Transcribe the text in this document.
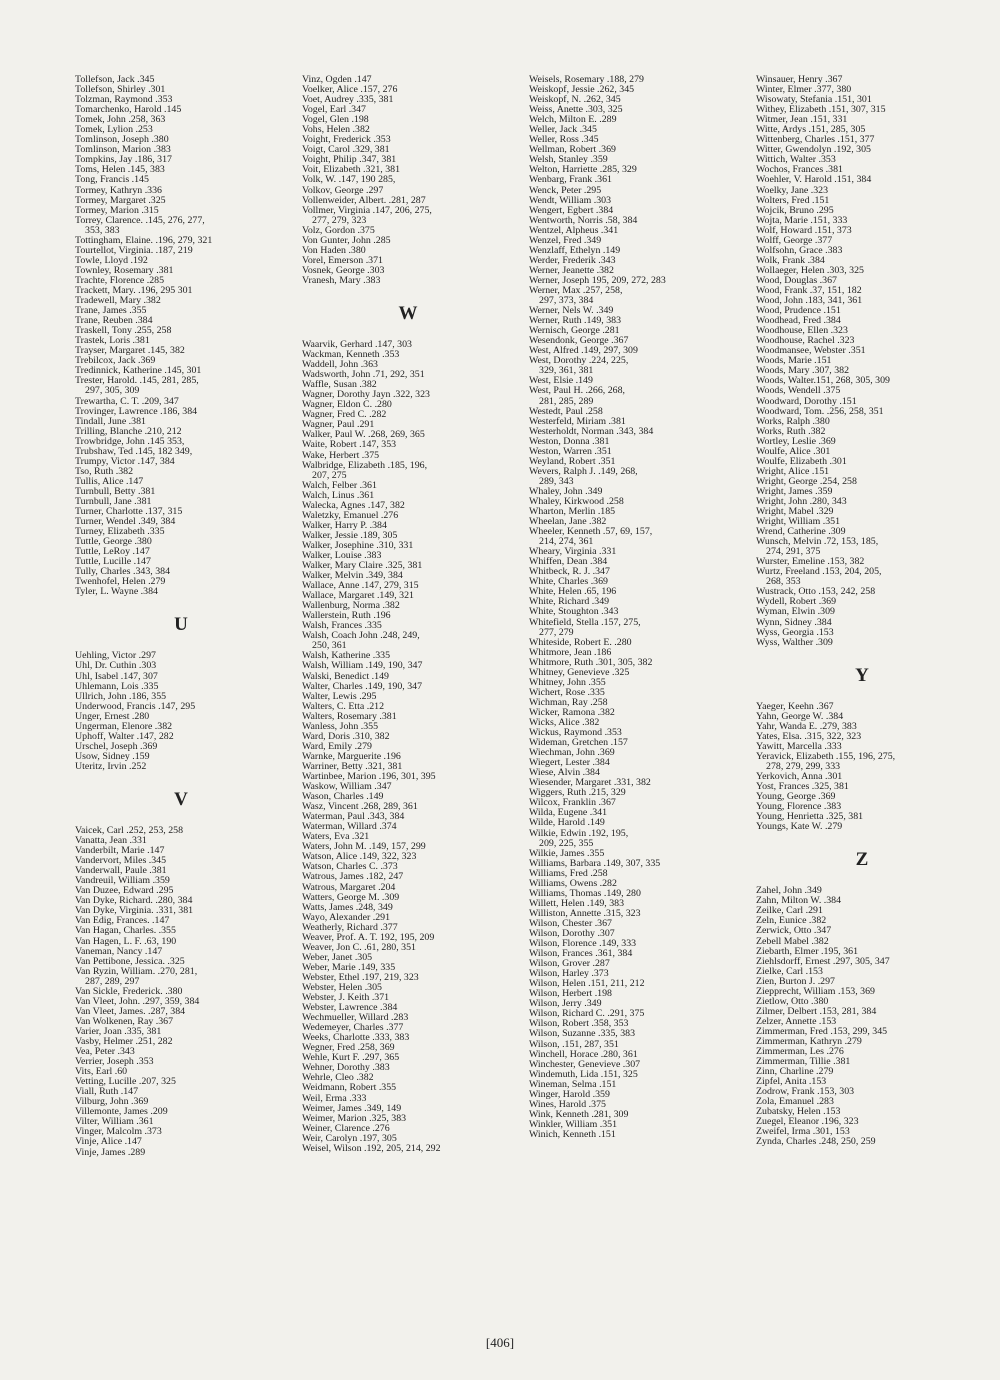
Tollefson, Jack .345
Tollefson, Shirley .301
Tolzman, Raymond .353
Tomarchenko, Harold .145
Tomek, John .258, 363
Tomek, Lylion .253
Tomlinson, Joseph .380
Tomlinson, Marion .383
Tompkins, Jay .186, 317
Toms, Helen .145, 383
Tong, Francis .145
Tormey, Kathryn .336
Tormey, Margaret .325
Tormey, Marion .315
Torrey, Clarence. .145, 276, 277,
353, 383
Tottingham, Elaine. .196, 279, 321
Tourtellot, Virginia. .187, 219
Towle, Lloyd .192
Townley, Rosemary .381
Trachte, Florence .285
Trackett, Mary. .196, 295 301
Tradewell, Mary .382
Trane, James .355
Trane, Reuben .384
Traskell, Tony .255, 258
Trastek, Loris .381
Trayser, Margaret .145, 382
Trebilcox, Jack .369
Tredinnick, Katherine .145, 301
Trester, Harold. .145, 281, 285,
297, 305, 309
Trewartha, C. T. .209, 347
Trovinger, Lawrence .186, 384
Tindall, June .381
Trilling, Blanche .210, 212
Trowbridge, John .145 353,
Trubshaw, Ted .145, 182 349,
Trumpy, Victor .147, 384
Tso, Ruth .382
Tullis, Alice .147
Turnbull, Betty .381
Turnbull, Jane .381
Turner, Charlotte .137, 315
Turner, Wendel .349, 384
Turney, Elizabeth .335
Tuttle, George .380
Tuttle, LeRoy .147
Tuttle, Lucille .147
Tully, Charles .343, 384
Twenhofel, Helen .279
Tyler, L. Wayne .384
U
Uehling, Victor .297
Uhl, Dr. Cuthin .303
Uhl, Isabel .147, 307
Uhlemann, Lois .335
Ullrich, John .186, 355
Underwood, Francis .147, 295
Unger, Ernest .280
Ungerman, Elenore .382
Uphoff, Walter .147, 282
Urschel, Joseph .369
Usow, Sidney .159
Uteritz, Irvin .252
V
Vaicek, Carl .252, 253, 258
Vanatta, Jean .331
Vanderbilt, Marie .147
Vandervort, Miles .345
Vanderwall, Paule .381
Vandreuil, William .359
Van Duzee, Edward .295
Van Dyke, Richard. .280, 384
Van Dyke, Virginia. .331, 381
Van Edig, Frances. .147
Van Hagan, Charles. .355
Van Hagen, L. F. .63, 190
Vaneman, Nancy .147
Van Pettibone, Jessica. .325
Van Ryzin, William. .270, 281,
287, 289, 297
Van Sickle, Frederick. .380
Van Vleet, John. .297, 359, 384
Van Vleet, James. .287, 384
Van Wolkenen, Ray .367
Varier, Joan .335, 381
Vasby, Helmer .251, 282
Vea, Peter .343
Verrier, Joseph .353
Vits, Earl .60
Vetting, Lucille .207, 325
Viall, Ruth .147
Vilburg, John .369
Villemonte, James .209
Vilter, William .361
Vinger, Malcolm .373
Vinje, Alice .147
Vinje, James .289
Vinz, Ogden .147
Voelker, Alice .157, 276
Voet, Audrey .335, 381
Vogel, Earl .347
Vogel, Glen .198
Vohs, Helen .382
Voight, Frederick .353
Voigt, Carol .329, 381
Voight, Philip .347, 381
Voit, Elizabeth .321, 381
Volk, W. .147, 190 285,
Volkov, George .297
Vollenweider, Albert. .281, 287
Vollmer, Virginia .147, 206, 275,
277, 279, 323
Volz, Gordon .375
Von Gunter, John .285
Von Haden .380
Vorel, Emerson .371
Vosnek, George .303
Vranesh, Mary .383
W
Waarvik, Gerhard .147, 303
Wackman, Kenneth .353
Waddell, John .363
Wadsworth, John .71, 292, 351
Waffle, Susan .382
Wagner, Dorothy Jayn .322, 323
Wagner, Eldon C. .280
Wagner, Fred C. .282
Wagner, Paul .291
Walker, Paul W. .268, 269, 365
Waite, Robert .147, 353
Wake, Herbert .375
Walbridge, Elizabeth .185, 196,
207, 275
Walch, Felber .361
Walch, Linus .361
Walecka, Agnes .147, 382
Waletzky, Emanuel .276
Walker, Harry P. .384
Walker, Jessie .189, 305
Walker, Josephine .310, 331
Walker, Louise .383
Walker, Mary Claire .325, 381
Walker, Melvin .349, 384
Wallace, Anne .147, 279, 315
Wallace, Margaret .149, 321
Wallenburg, Norma .382
Wallerstein, Ruth .196
Walsh, Frances .335
Walsh, Coach John .248, 249,
250, 361
Walsh, Katherine .335
Walsh, William .149, 190, 347
Walski, Benedict .149
Walter, Charles .149, 190, 347
Walter, Lewis .295
Walters, C. Etta .212
Walters, Rosemary .381
Wanless, John .355
Ward, Doris .310, 382
Ward, Emily .279
Warnke, Marguerite .196
Warriner, Betty .321, 381
Wartinbee, Marion .196, 301, 395
Waskow, William .347
Wason, Charles .149
Wasz, Vincent .268, 289, 361
Waterman, Paul .343, 384
Waterman, Willard .374
Waters, Eva .321
Waters, John M. .149, 157, 299
Watson, Alice .149, 322, 323
Watson, Charles C. .373
Watrous, James .182, 247
Watrous, Margaret .204
Watters, George M. .309
Watts, James .248, 349
Wayo, Alexander .291
Weatherly, Richard .377
Weaver, Prof. A. T. 192, 195, 209
Weaver, Jon C. .61, 280, 351
Weber, Janet .305
Weber, Marie .149, 335
Webster, Ethel .197, 219, 323
Webster, Helen .305
Webster, J. Keith .371
Webster, Lawrence .384
Wechmueller, Willard .283
Wedemeyer, Charles .377
Weeks, Charlotte .333, 383
Wegner, Fred .258, 369
Wehle, Kurt F. .297, 365
Wehner, Dorothy .383
Wehrle, Cleo .382
Weidmann, Robert .355
Weil, Erma .333
Weimer, James .349, 149
Weimer, Marion .325, 383
Weiner, Clarence .276
Weir, Carolyn .197, 305
Weisel, Wilson .192, 205, 214, 292
Weisels, Rosemary .188, 279
Weiskopf, Jessie .262, 345
Weiskopf, N. .262, 345
Weiss, Anette .303, 325
Welch, Milton E. .289
Weller, Jack .345
Weller, Ross .345
Wellman, Robert .369
Welsh, Stanley .359
Welton, Harriette .285, 329
Wenbarg, Frank .361
Wenck, Peter .295
Wendt, William .303
Wengert, Egbert .384
Wentworth, Norris .58, 384
Wentzel, Alpheus .341
Wenzel, Fred .349
Wenzlaff, Ethelyn .149
Werder, Frederik .343
Werner, Jeanette .382
Werner, Joseph 195, 209, 272, 283
Werner, Max .257, 258,
297, 373, 384
Werner, Nels W. .349
Werner, Ruth .149, 383
Wernisch, George .281
Wesendonk, George .367
West, Alfred .149, 297, 309
West, Dorothy .224, 225,
329, 361, 381
West, Elsie .149
West, Paul H. .266, 268,
281, 285, 289
Westedt, Paul .258
Westerfeld, Miriam .381
Westerholdt, Norman .343, 384
Weston, Donna .381
Weston, Warren .351
Weyland, Robert .351
Wevers, Ralph J. .149, 268,
289, 343
Whaley, John .349
Whaley, Kirkwood .258
Wharton, Merlin .185
Wheelan, Jane .382
Wheeler, Kenneth .57, 69, 157,
214, 274, 361
Wheary, Virginia .331
Whiffen, Dean .384
Whitbeck, R. J. .347
White, Charles .369
White, Helen .65, 196
White, Richard .349
White, Stoughton .343
Whitefield, Stella .157, 275,
277, 279
Whiteside, Robert E. .280
Whitmore, Jean .186
Whitmore, Ruth .301, 305, 382
Whitney, Genevieve .325
Whitney, John .355
Wichert, Rose .335
Wichman, Ray .258
Wicker, Ramona .382
Wicks, Alice .382
Wickus, Raymond .353
Wideman, Gretchen .157
Wiechman, John .369
Wiegert, Lester .384
Wiese, Alvin .384
Wiesender, Margaret .331, 382
Wiggers, Ruth .215, 329
Wilcox, Franklin .367
Wilda, Eugene .341
Wilde, Harold .149
Wilkie, Edwin .192, 195,
209, 225, 355
Wilkie, James .355
Williams, Barbara .149, 307, 335
Williams, Fred .258
Williams, Owens .282
Williams, Thomas .149, 280
Willett, Helen .149, 383
Williston, Annette .315, 323
Wilson, Chester .367
Wilson, Dorothy .307
Wilson, Florence .149, 333
Wilson, Frances .361, 384
Wilson, Grover .287
Wilson, Harley .373
Wilson, Helen .151, 211, 212
Wilson, Herbert .198
Wilson, Jerry .349
Wilson, Richard C. .291, 375
Wilson, Robert .358, 353
Wilson, Suzanne .335, 383
Wilson, .151, 287, 351
Winchell, Horace .280, 361
Winchester, Genevieve .307
Windemuth, Lida .151, 325
Wineman, Selma .151
Winger, Harold .359
Wines, Harold .375
Wink, Kenneth .281, 309
Winkler, William .351
Winich, Kenneth .151
Winsauer, Henry .367
Winter, Elmer .377, 380
Wisowaty, Stefania .151, 301
Withey, Elizabeth .151, 307, 315
Witmer, Jean .151, 331
Witte, Ardys .151, 285, 305
Wittenberg, Charles .151, 377
Witter, Gwendolyn .192, 305
Wittich, Walter .353
Wochos, Frances .381
Woehler, V. Harold .151, 384
Woelky, Jane .323
Wolters, Fred .151
Wojcik, Bruno .295
Wojta, Marie .151, 333
Wolf, Howard .151, 373
Wolff, George .377
Wolfsohn, Grace .383
Wolk, Frank .384
Wollaeger, Helen .303, 325
Wood, Douglas .367
Wood, Frank .37, 151, 182
Wood, John .183, 341, 361
Wood, Prudence .151
Woodhead, Fred .384
Woodhouse, Ellen .323
Woodhouse, Rachel .323
Woodmansee, Webster .351
Woods, Marie .151
Woods, Mary .307, 382
Woods, Walter.151, 268, 305, 309
Woods, Wendell .375
Woodward, Dorothy .151
Woodward, Tom. .256, 258, 351
Works, Ralph .380
Works, Ruth .382
Wortley, Leslie .369
Woulfe, Alice .301
Woulfe, Elizabeth .301
Wright, Alice .151
Wright, George .254, 258
Wright, James .359
Wright, John .280, 343
Wright, Mabel .329
Wright, William .351
Wrend, Catherine .309
Wunsch, Melvin .72, 153, 185,
274, 291, 375
Wurster, Emeline .153, 382
Wurtz, Freeland .153, 204, 205,
268, 353
Wustrack, Otto .153, 242, 258
Wydell, Robert .369
Wyman, Elwin .309
Wynn, Sidney .384
Wyss, Georgia .153
Wyss, Walther .309
Y
Yaeger, Keehn .367
Yahn, George W. .384
Yahr, Wanda E. .279, 383
Yates, Elsa. .315, 322, 323
Yawitt, Marcella .333
Yeravick, Elizabeth .155, 196, 275,
278, 279, 299, 333
Yerkovich, Anna .301
Yost, Frances .325, 381
Young, George .369
Young, Florence .383
Young, Henrietta .325, 381
Youngs, Kate W. .279
Z
Zahel, John .349
Zahn, Milton W. .384
Zeilke, Carl .291
Zeln, Eunice .382
Zerwick, Otto .347
Zebell Mabel .382
Ziebarth, Elmer .195, 361
Ziehlsdorff, Ernest .297, 305, 347
Zielke, Carl .153
Zien, Burton J. .297
Ziepprecht, William .153, 369
Zietlow, Otto .380
Zilmer, Delbert .153, 281, 384
Zelzer, Annette .153
Zimmerman, Fred .153, 299, 345
Zimmerman, Kathryn .279
Zimmerman, Les .276
Zimmerman, Tillie .381
Zinn, Charline .279
Zipfel, Anita .153
Zodrow, Frank .153, 303
Zola, Emanuel .283
Zubatsky, Helen .153
Zuegel, Eleanor .196, 323
Zweifel, Irma .301, 153
Zynda, Charles .248, 250, 259
[406]
